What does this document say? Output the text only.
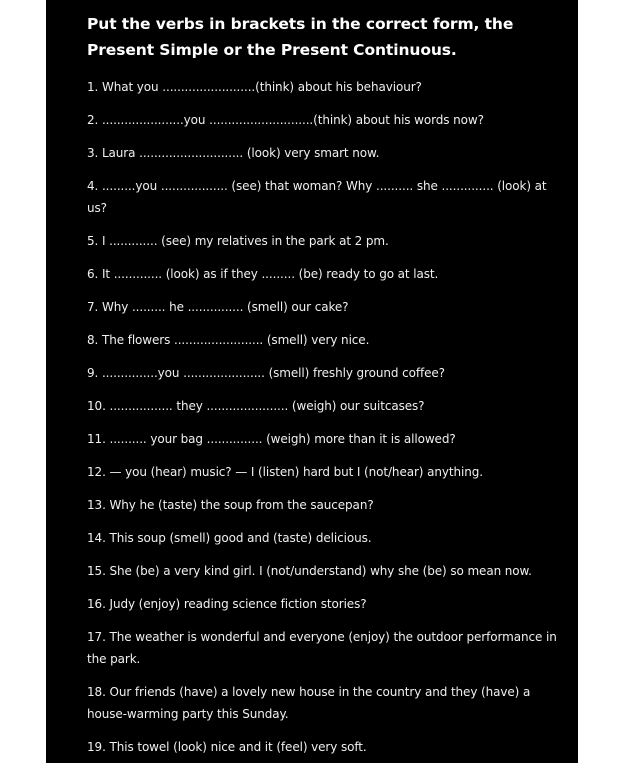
Put the verbs in brackets in the correct form, the Present Simple or the Present Continuous.
1. What you .........................(think) about his behaviour?
2. ......................you ............................(think) about his words now?
3. Laura ............................ (look) very smart now.
4. .........you .................. (see) that woman? Why .......... she .............. (look) at us?
5. I ............. (see) my relatives in the park at 2 pm.
6. It ............. (look) as if they ......... (be) ready to go at last.
7. Why ......... he ............... (smell) our cake?
8. The flowers ........................ (smell) very nice.
9. ...............you ...................... (smell) freshly ground coffee?
10. ................. they ...................... (weigh) our suitcases?
11. .......... your bag ............... (weigh) more than it is allowed?
12. — you (hear) music? — I (listen) hard but I (not/hear) anything.
13. Why he (taste) the soup from the saucepan?
14. This soup (smell) good and (taste) delicious.
15. She (be) a very kind girl. I (not/understand) why she (be) so mean now.
16. Judy (enjoy) reading science fiction stories?
17. The weather is wonderful and everyone (enjoy) the outdoor performance in the park.
18. Our friends (have) a lovely new house in the country and they (have) a house-warming party this Sunday.
19. This towel (look) nice and it (feel) very soft.
